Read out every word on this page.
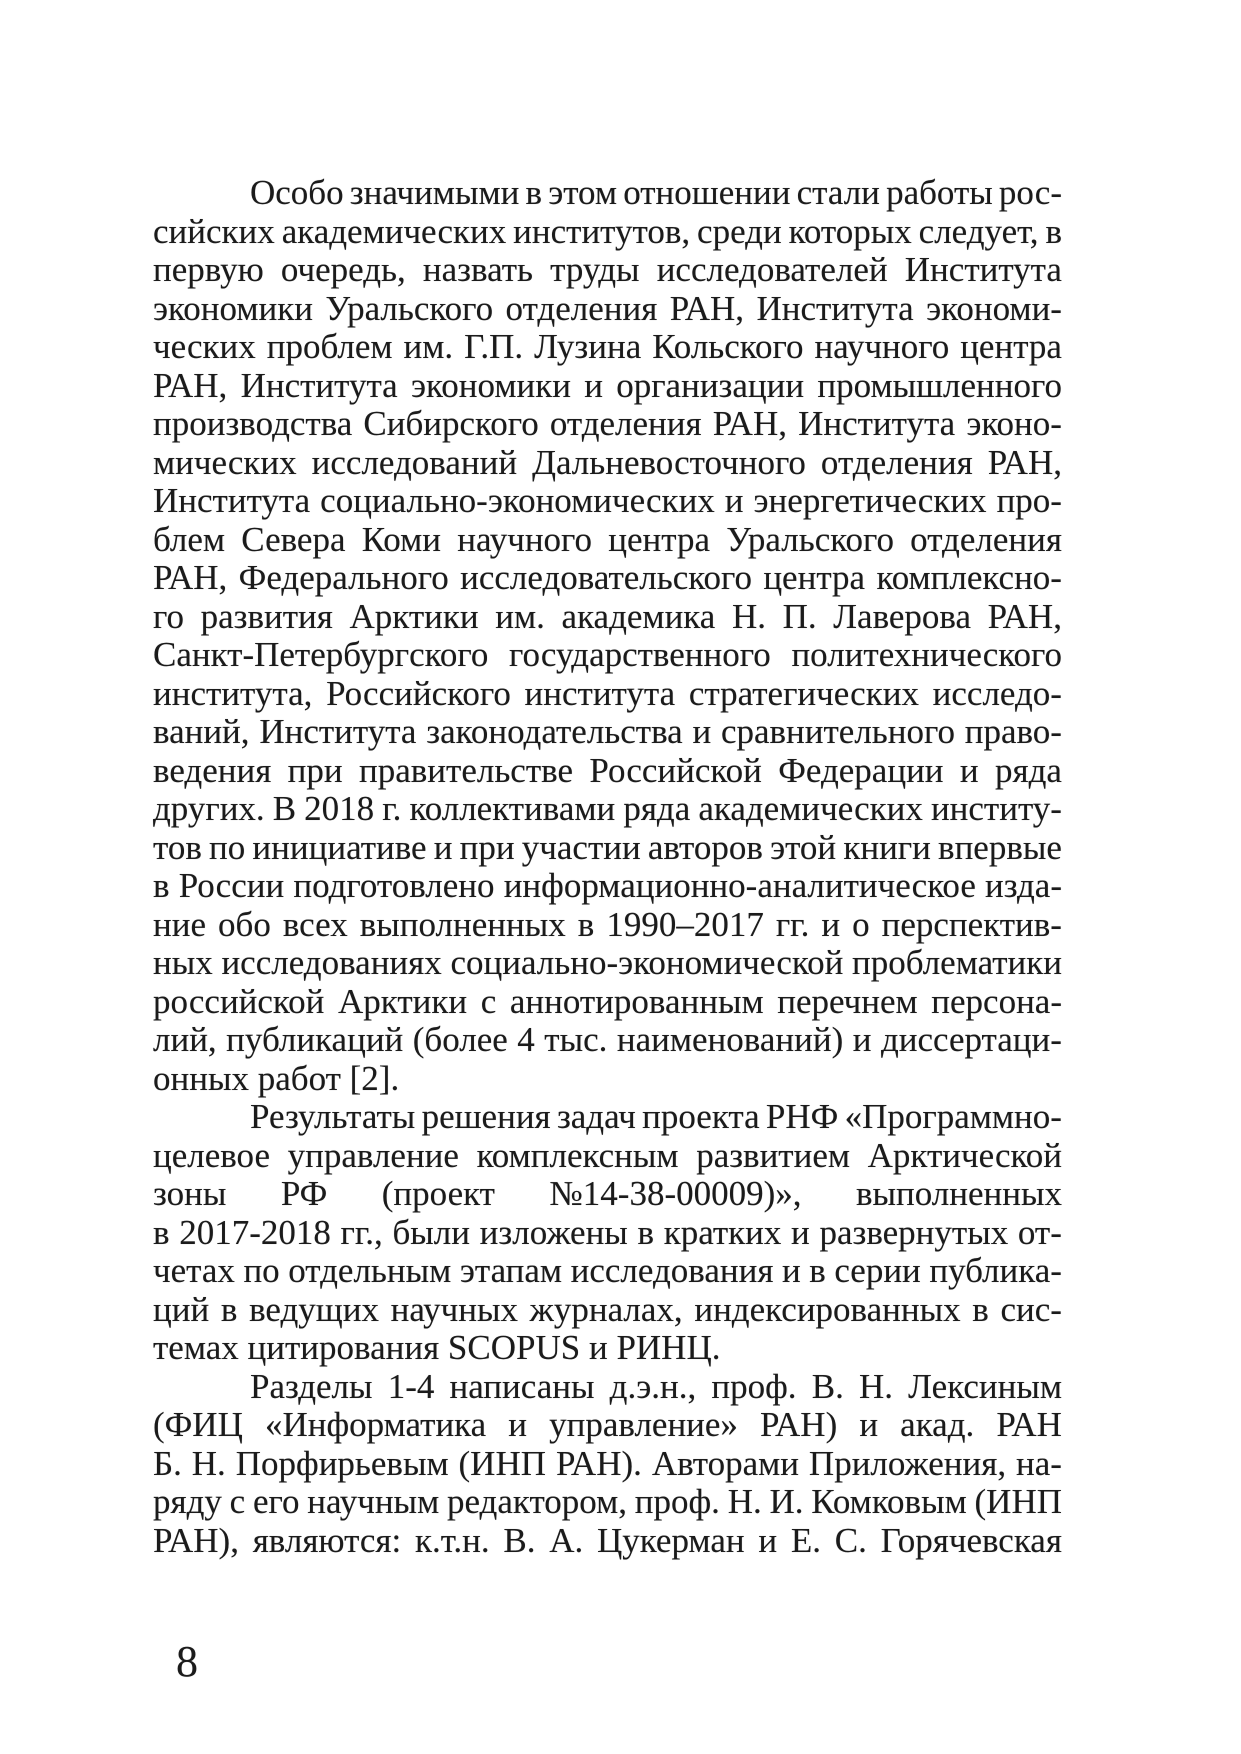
Особо значимыми в этом отношении стали работы рос-
сийских академических институтов, среди которых следует, в
первую очередь, назвать труды исследователей Института
экономики Уральского отделения РАН, Института экономи-
ческих проблем им. Г.П. Лузина Кольского научного центра
РАН, Института экономики и организации промышленного
производства Сибирского отделения РАН, Института эконо-
мических исследований Дальневосточного отделения РАН,
Института социально-экономических и энергетических про-
блем Севера Коми научного центра Уральского отделения
РАН, Федерального исследовательского центра комплексно-
го развития Арктики им. академика Н. П. Лаверова РАН,
Санкт-Петербургского государственного политехнического
института, Российского института стратегических исследо-
ваний, Института законодательства и сравнительного право-
ведения при правительстве Российской Федерации и ряда
других. В 2018 г. коллективами ряда академических институ-
тов по инициативе и при участии авторов этой книги впервые
в России подготовлено информационно-аналитическое изда-
ние обо всех выполненных в 1990–2017 гг. и о перспектив-
ных исследованиях социально-экономической проблематики
российской Арктики с аннотированным перечнем персона-
лий, публикаций (более 4 тыс. наименований) и диссертаци-
онных работ [2].
Результаты решения задач проекта РНФ «Программно-
целевое управление комплексным развитием Арктической
зоны РФ (проект №14-38-00009)», выполненных
в 2017-2018 гг., были изложены в кратких и развернутых от-
четах по отдельным этапам исследования и в серии публика-
ций в ведущих научных журналах, индексированных в сис-
темах цитирования SCOPUS и РИНЦ.
Разделы 1-4 написаны д.э.н., проф. В. Н. Лексиным
(ФИЦ «Информатика и управление» РАН) и акад. РАН
Б. Н. Порфирьевым (ИНП РАН). Авторами Приложения, на-
ряду с его научным редактором, проф. Н. И. Комковым (ИНП
РАН), являются: к.т.н. В. А. Цукерман и Е. С. Горячевская
8
